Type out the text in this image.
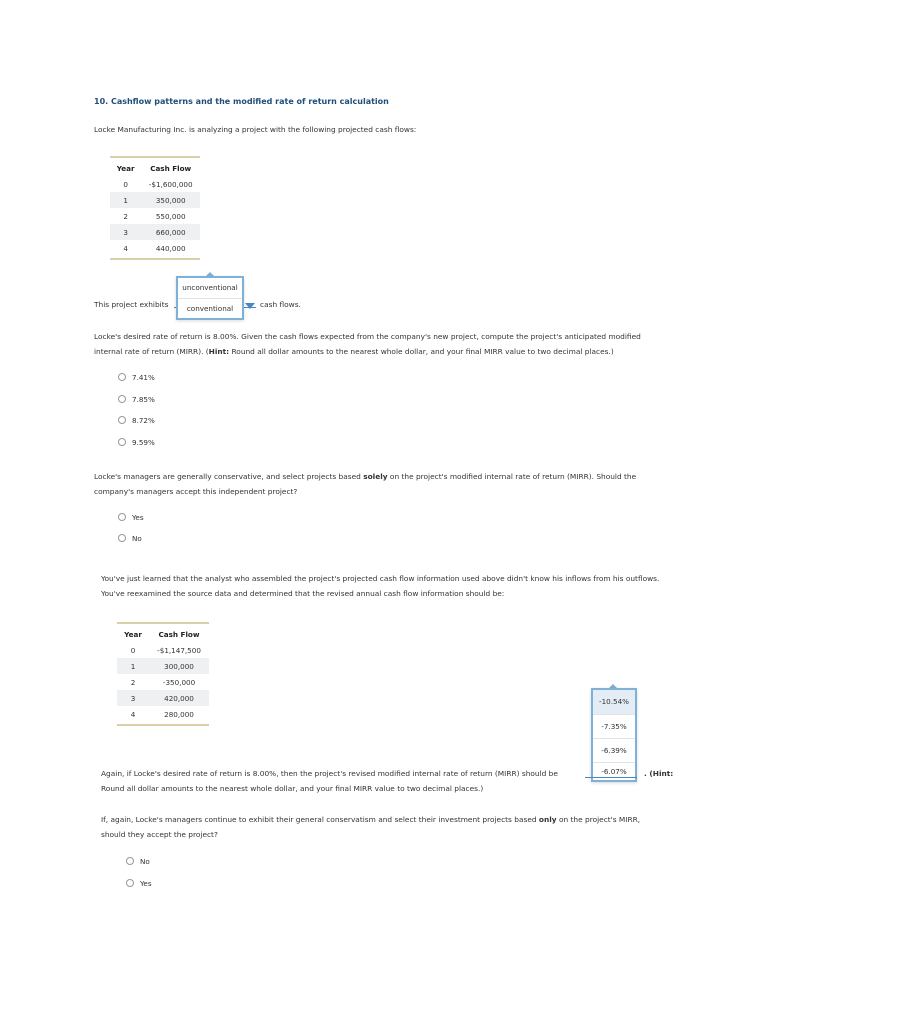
10. Cashflow patterns and the modified rate of return calculation
Locke Manufacturing Inc. is analyzing a project with the following projected cash flows:
Year	Cash Flow
0	-$1,600,000
1	350,000
2	550,000
3	660,000
4	440,000
This project exhibits	cash flows.
unconventional
conventional
Locke's desired rate of return is 8.00%. Given the cash flows expected from the company's new project, compute the project's anticipated modified
internal rate of return (MIRR). (Hint: Round all dollar amounts to the nearest whole dollar, and your final MIRR value to two decimal places.)
7.41%
7.85%
8.72%
9.59%
Locke's managers are generally conservative, and select projects based solely on the project's modified internal rate of return (MIRR). Should the
company's managers accept this independent project?
Yes
No
You've just learned that the analyst who assembled the project's projected cash flow information used above didn't know his inflows from his outflows.
You've reexamined the source data and determined that the revised annual cash flow information should be:
Year	Cash Flow
0	-$1,147,500
1	300,000
2	-350,000
3	420,000
4	280,000
-10.54%
-7.35%
-6.39%
-6.07%
Again, if Locke's desired rate of return is 8.00%, then the project's revised modified internal rate of return (MIRR) should be	. (Hint:
Round all dollar amounts to the nearest whole dollar, and your final MIRR value to two decimal places.)
If, again, Locke's managers continue to exhibit their general conservatism and select their investment projects based only on the project's MIRR,
should they accept the project?
No
Yes
